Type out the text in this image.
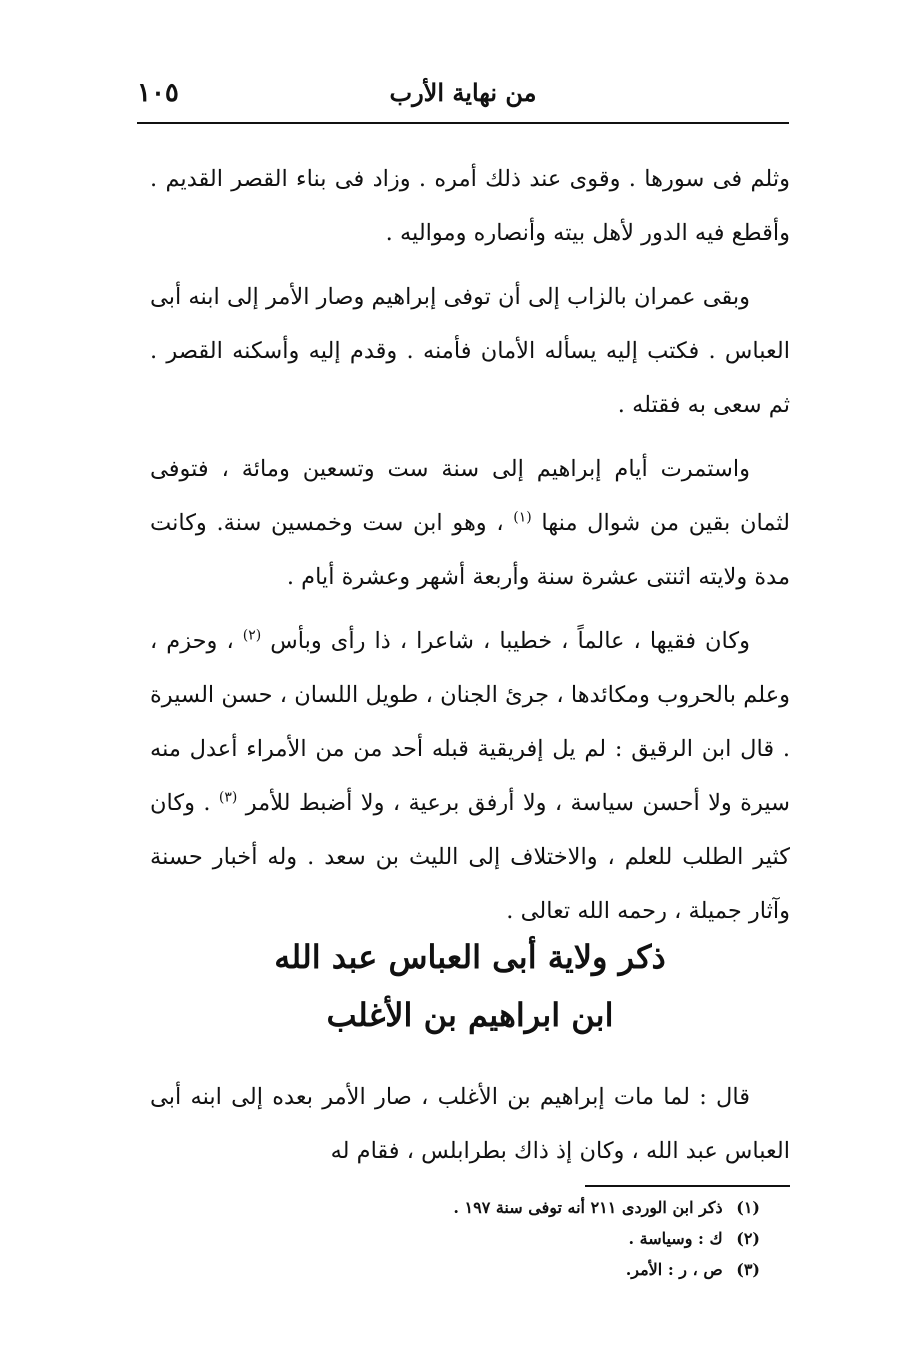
١٠٥	من نهاية الأرب

وثلم فى سورها . وقوى عند ذلك أمره . وزاد فى بناء القصر القديم . وأقطع فيه الدور لأهل بيته وأنصاره ومواليه .

وبقى عمران بالزاب إلى أن توفى إبراهيم وصار الأمر إلى ابنه أبى العباس . فكتب إليه يسأله الأمان فأمنه . وقدم إليه وأسكنه القصر . ثم سعى به فقتله .

واستمرت أيام إبراهيم إلى سنة ست وتسعين ومائة ، فتوفى لثمان بقين من شوال منها $^{(١)}$ ، وهو ابن ست وخمسين سنة. وكانت مدة ولايته اثنتى عشرة سنة وأربعة أشهر وعشرة أيام .

وكان فقيها ، عالماً ، خطيبا ، شاعرا ، ذا رأى وبأس $^{(٢)}$ ، وحزم ، وعلم بالحروب ومكائدها ، جرئ الجنان ، طويل اللسان ، حسن السيرة . قال ابن الرقيق : لم يل إفريقية قبله أحد من من الأمراء أعدل منه سيرة ولا أحسن سياسة ، ولا أرفق برعية ، ولا أضبط للأمر $^{(٣)}$ . وكان كثير الطلب للعلم ، والاختلاف إلى الليث بن سعد . وله أخبار حسنة وآثار جميلة ، رحمه الله تعالى .

ذكر ولاية أبى العباس عبد الله
ابن ابراهيم بن الأغلب

قال : لما مات إبراهيم بن الأغلب ، صار الأمر بعده إلى ابنه أبى العباس عبد الله ، وكان إذ ذاك بطرابلس ، فقام له

(١) ذكر ابن الوردى ٢١١ أنه توفى سنة ١٩٧ .
(٢) ك : وسياسة .
(٣) ص ، ر : الأمر.
